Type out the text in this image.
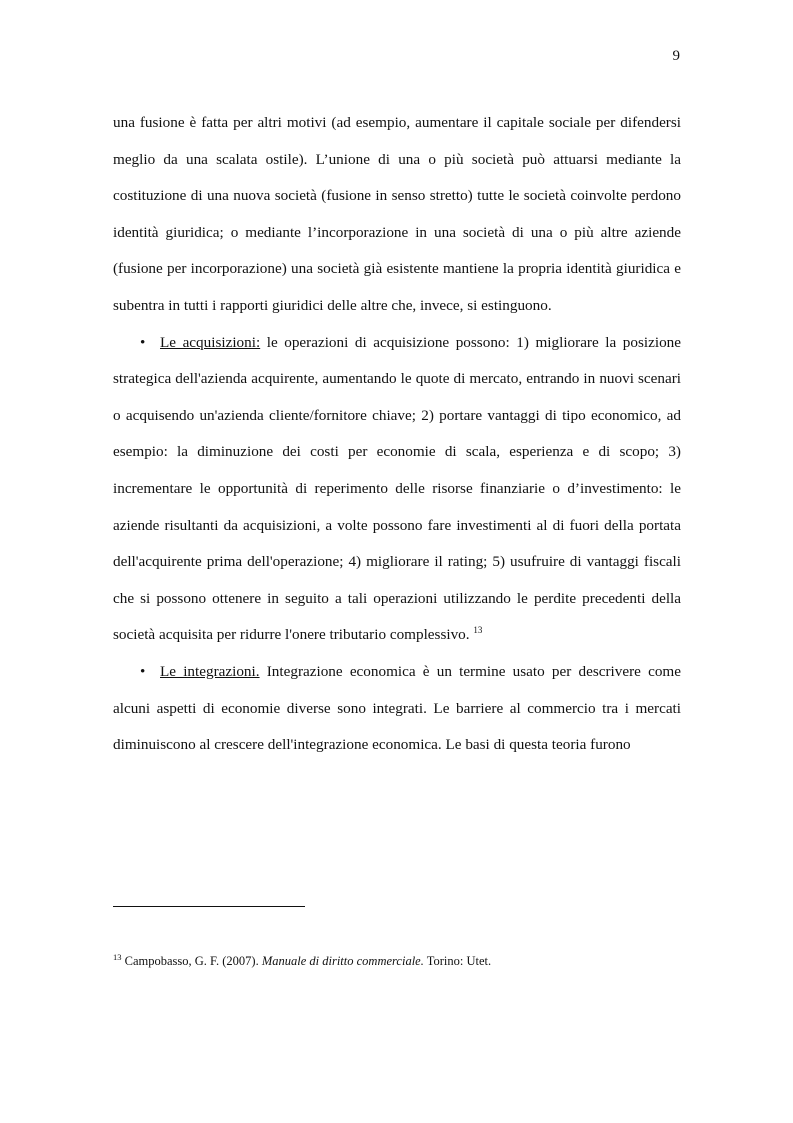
9

una fusione è fatta per altri motivi (ad esempio, aumentare il capitale sociale per difendersi meglio da una scalata ostile). L’unione di una o più società può attuarsi mediante la costituzione di una nuova società (fusione in senso stretto) tutte le società coinvolte perdono identità giuridica; o mediante l’incorporazione in una società di una o più altre aziende (fusione per incorporazione) una società già esistente mantiene la propria identità giuridica e subentra in tutti i rapporti giuridici delle altre che, invece, si estinguono.

• Le acquisizioni: le operazioni di acquisizione possono: 1) migliorare la posizione strategica dell'azienda acquirente, aumentando le quote di mercato, entrando in nuovi scenari o acquisendo un'azienda cliente/fornitore chiave; 2) portare vantaggi di tipo economico, ad esempio: la diminuzione dei costi per economie di scala, esperienza e di scopo; 3) incrementare le opportunità di reperimento delle risorse finanziarie o d’investimento: le aziende risultanti da acquisizioni, a volte possono fare investimenti al di fuori della portata dell'acquirente prima dell'operazione; 4) migliorare il rating; 5) usufruire di vantaggi fiscali che si possono ottenere in seguito a tali operazioni utilizzando le perdite precedenti della società acquisita per ridurre l'onere tributario complessivo. $^{13}$

• Le integrazioni. Integrazione economica è un termine usato per descrivere come alcuni aspetti di economie diverse sono integrati. Le barriere al commercio tra i mercati diminuiscono al crescere dell'integrazione economica. Le basi di questa teoria furono

$^{13}$ Campobasso, G. F. (2007). Manuale di diritto commerciale. Torino: Utet.
